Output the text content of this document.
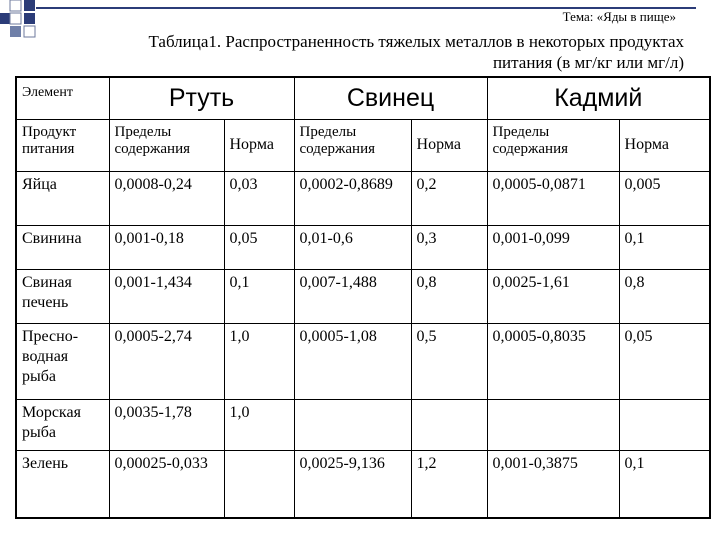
Тема: «Яды в пище»
Таблица1. Распространенность тяжелых металлов в некоторых продуктах
питания (в мг/кг или мг/л)
Элемент	Ртуть		Свинец		Кадмий	
Продукт питания	Пределы содержания	Норма	Пределы содержания	Норма	Пределы содержания	Норма
Яйца	0,0008-0,24	0,03	0,0002-0,8689	0,2	0,0005-0,0871	0,005
Свинина	0,001-0,18	0,05	0,01-0,6	0,3	0,001-0,099	0,1
Свиная печень	0,001-1,434	0,1	0,007-1,488	0,8	0,0025-1,61	0,8
Пресно-водная рыба	0,0005-2,74	1,0	0,0005-1,08	0,5	0,0005-0,8035	0,05
Морская рыба	0,0035-1,78	1,0				
Зелень	0,00025-0,033		0,0025-9,136	1,2	0,001-0,3875	0,1
